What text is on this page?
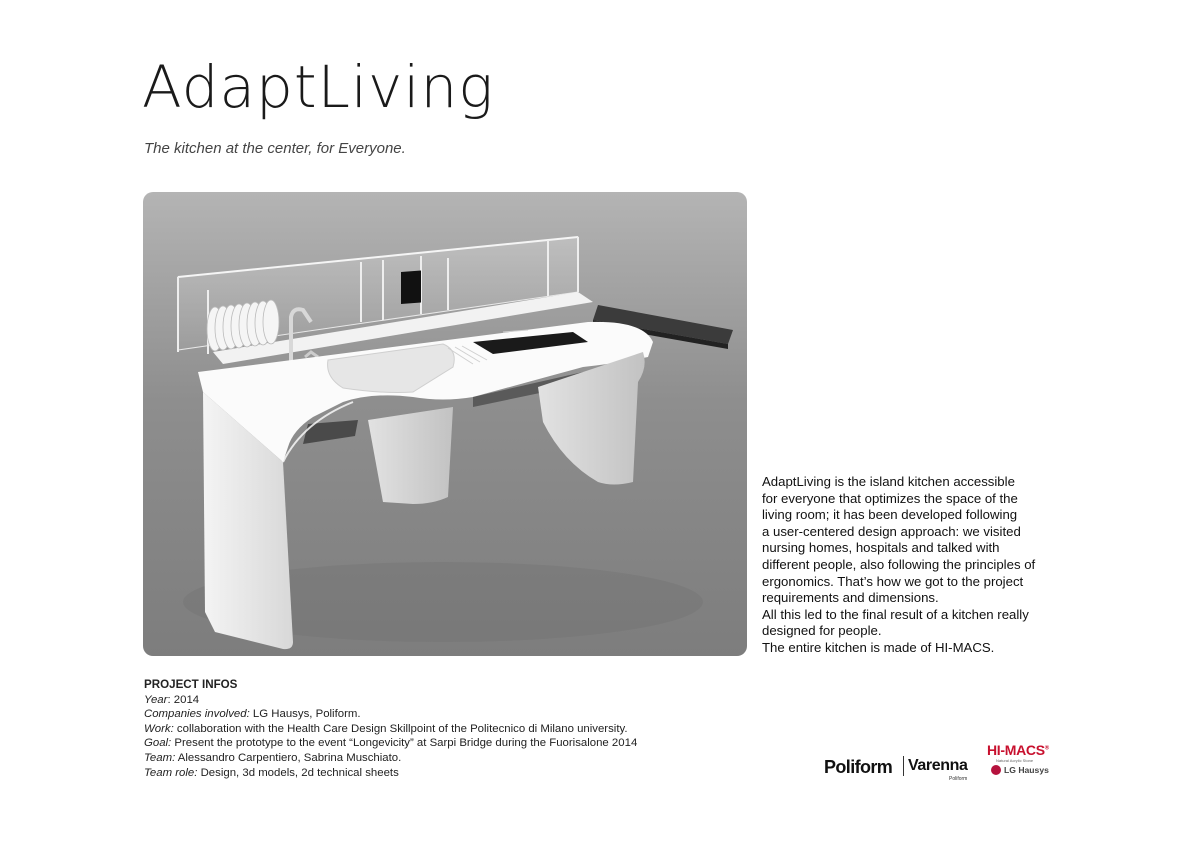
AdaptLiving
The kitchen at the center, for Everyone.

AdaptLiving is the island kitchen accessible

for everyone that optimizes the space of the

living room; it has been developed following

a user-centered design approach: we visited

nursing homes, hospitals and talked with

different people, also following the principles of

ergonomics. That’s how we got to the project

requirements and dimensions.

All this led to the final result of a kitchen really

designed for people.

The entire kitchen is made of HI-MACS.

PROJECT INFOS
Year: 2014
Companies involved: LG Hausys, Poliform.
Work: collaboration with the Health Care Design Skillpoint of the Politecnico di Milano university.
Goal: Present the prototype to the event “Longevicity” at Sarpi Bridge during the Fuorisalone 2014
Team: Alessandro Carpentiero, Sabrina Muschiato.
Team role: Design, 3d models, 2d technical sheets	Poliform Varenna
Poliform
HI-MACS®
Natural Acrylic Stone
LG Hausys
